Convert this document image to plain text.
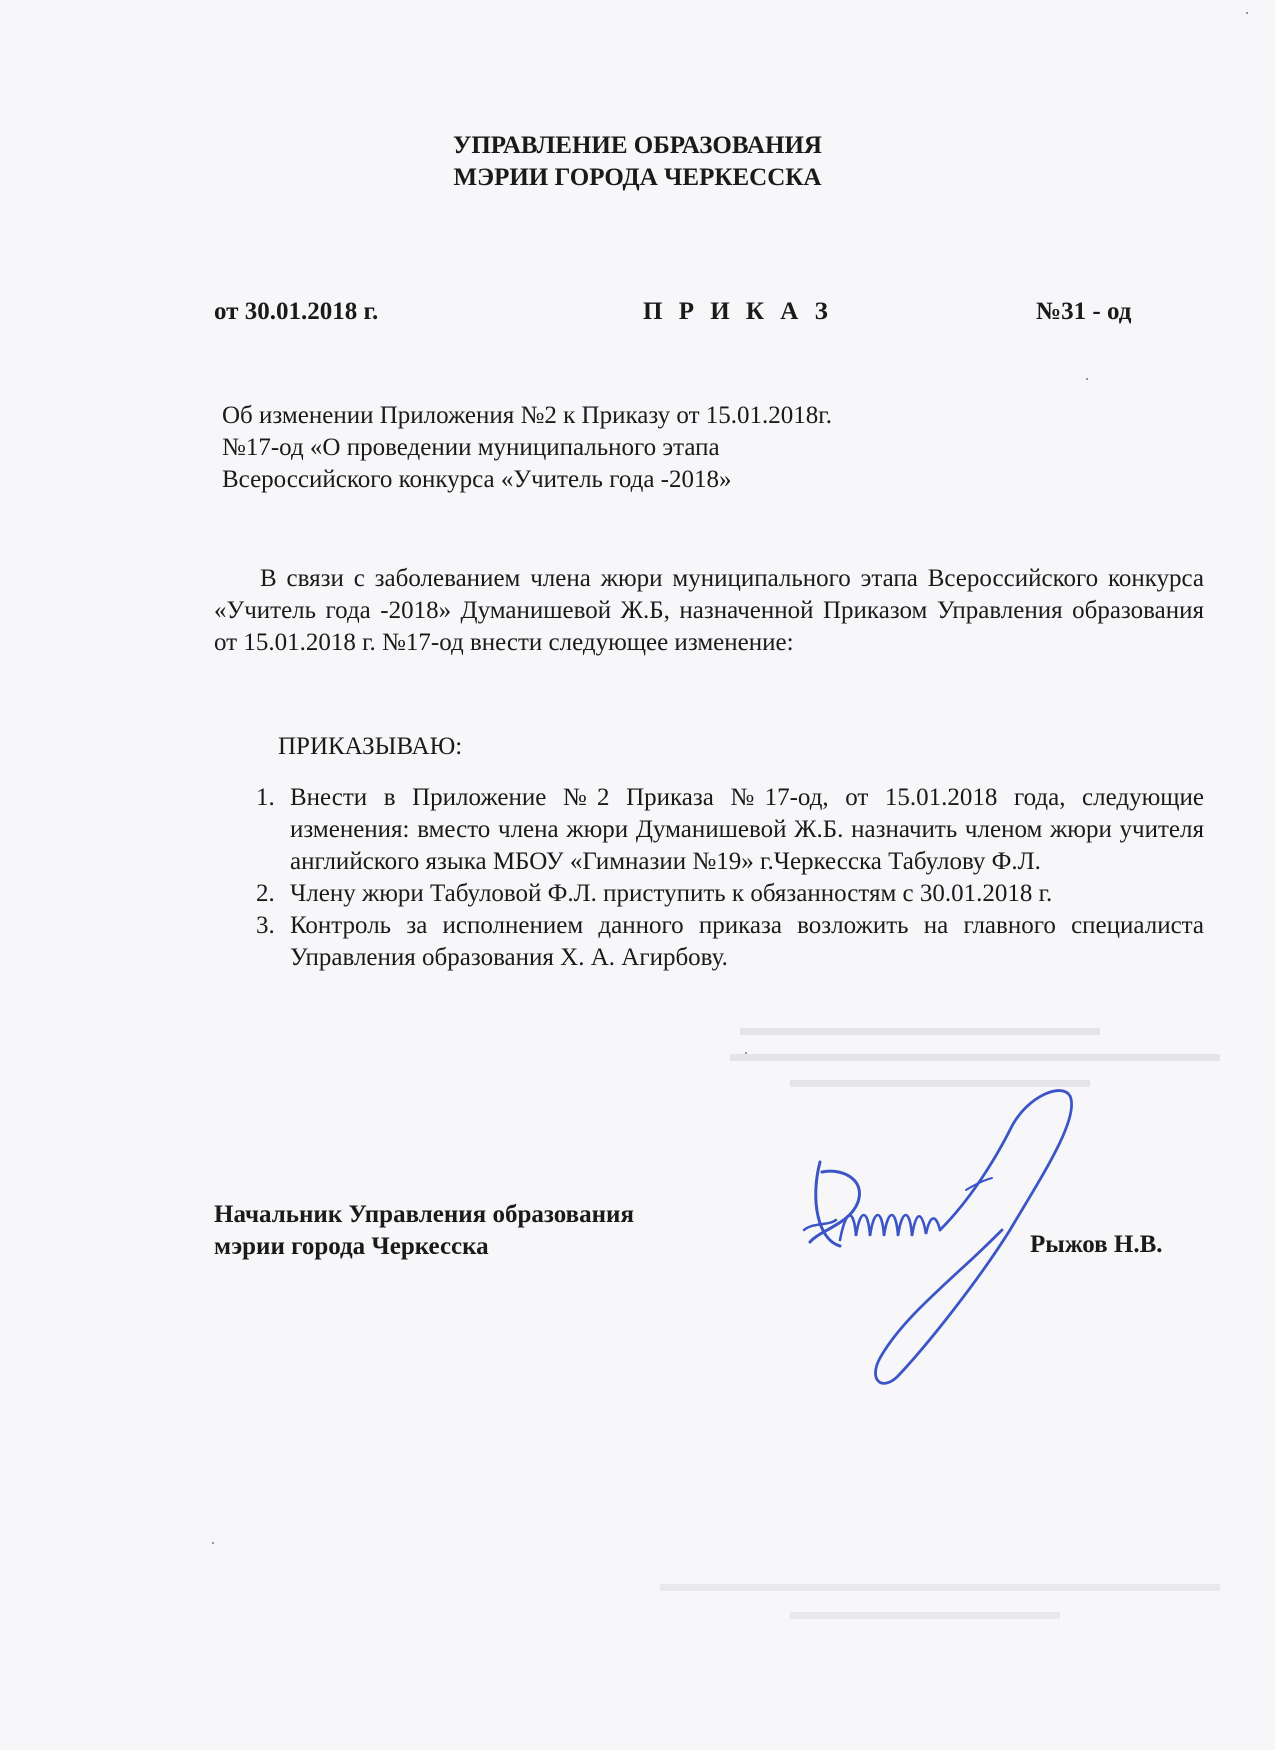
УПРАВЛЕНИЕ ОБРАЗОВАНИЯ
МЭРИИ ГОРОДА ЧЕРКЕССКА
от 30.01.2018 г.	П Р И К А З	№31 - од
Об изменении Приложения №2 к Приказу от 15.01.2018г.
№17-од «О проведении муниципального этапа
Всероссийского конкурса «Учитель года -2018»
В связи с заболеванием члена жюри муниципального этапа Всероссийского конкурса «Учитель года -2018» Думанишевой Ж.Б, назначенной Приказом Управления образования от 15.01.2018 г. №17-од внести следующее изменение:
ПРИКАЗЫВАЮ:
1. Внести в Приложение №2 Приказа №17-од, от 15.01.2018 года, следующие изменения: вместо члена жюри Думанишевой Ж.Б. назначить членом жюри учителя английского языка МБОУ «Гимназии №19» г.Черкесска Табулову Ф.Л.
2. Члену жюри Табуловой Ф.Л. приступить к обязанностям с 30.01.2018 г.
3. Контроль за исполнением данного приказа возложить на главного специалиста Управления образования Х. А. Агирбову.
Начальник Управления образования
мэрии города Черкесска	Рыжов Н.В.
